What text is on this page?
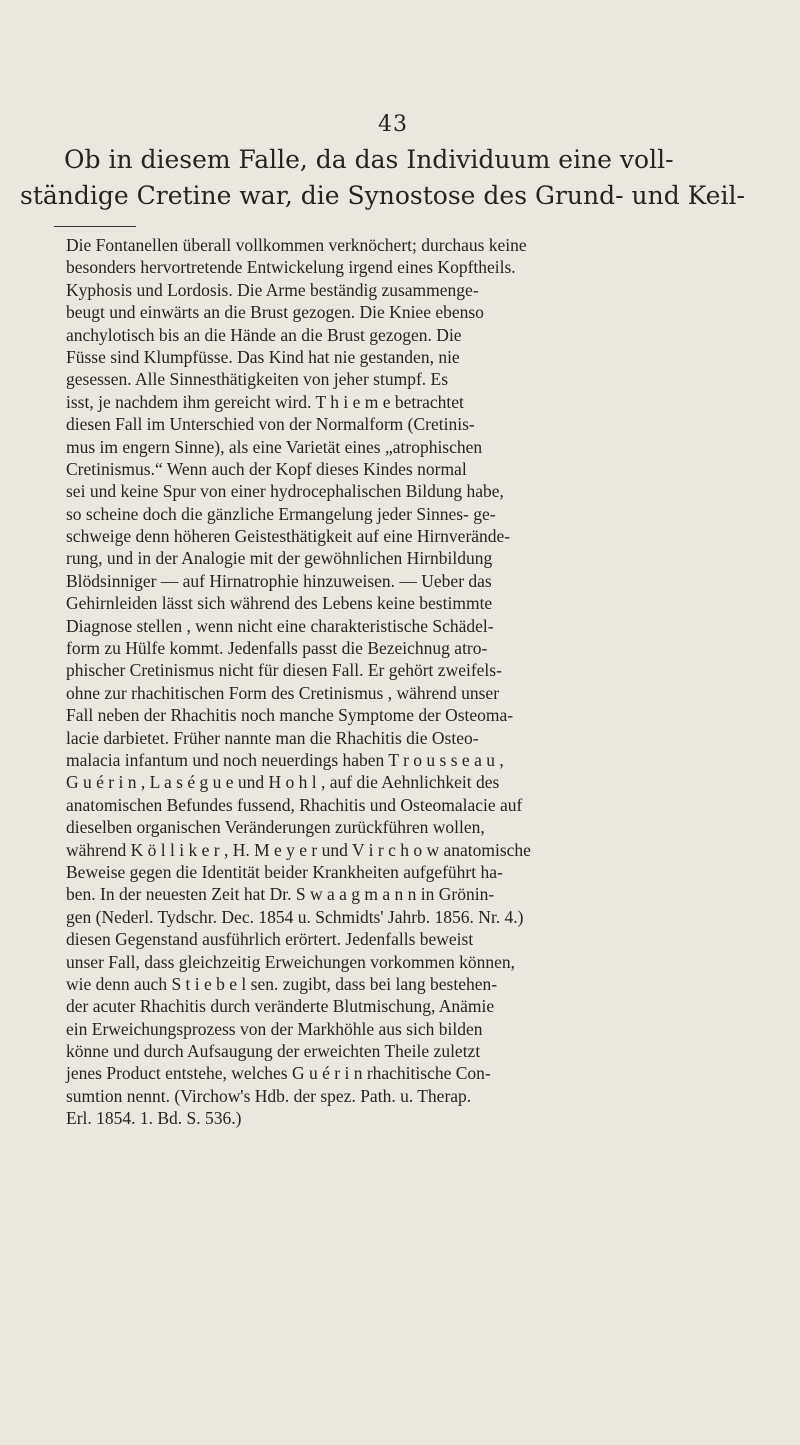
43
Ob in diesem Falle, da das Individuum eine voll-
ständige Cretine war, die Synostose des Grund- und Keil-
Die Fontanellen überall vollkommen verknöchert; durchaus keine
besonders hervortretende Entwickelung irgend eines Kopftheils.
Kyphosis und Lordosis. Die Arme beständig zusammenge-
beugt und einwärts an die Brust gezogen. Die Kniee ebenso
anchylotisch bis an die Hände an die Brust gezogen. Die
Füsse sind Klumpfüsse. Das Kind hat nie gestanden, nie
gesessen. Alle Sinnesthätigkeiten von jeher stumpf. Es
isst, je nachdem ihm gereicht wird. T h i e m e betrachtet
diesen Fall im Unterschied von der Normalform (Cretinis-
mus im engern Sinne), als eine Varietät eines „atrophischen
Cretinismus.“ Wenn auch der Kopf dieses Kindes normal
sei und keine Spur von einer hydrocephalischen Bildung habe,
so scheine doch die gänzliche Ermangelung jeder Sinnes- ge-
schweige denn höheren Geistesthätigkeit auf eine Hirnverände-
rung, und in der Analogie mit der gewöhnlichen Hirnbildung
Blödsinniger — auf Hirnatrophie hinzuweisen. — Ueber das
Gehirnleiden lässt sich während des Lebens keine bestimmte
Diagnose stellen , wenn nicht eine charakteristische Schädel-
form zu Hülfe kommt. Jedenfalls passt die Bezeichnug atro-
phischer Cretinismus nicht für diesen Fall. Er gehört zweifels-
ohne zur rhachitischen Form des Cretinismus , während unser
Fall neben der Rhachitis noch manche Symptome der Osteoma-
lacie darbietet. Früher nannte man die Rhachitis die Osteo-
malacia infantum und noch neuerdings haben T r o u s s e a u ,
G u é r i n , L a s é g u e und H o h l , auf die Aehnlichkeit des
anatomischen Befundes fussend, Rhachitis und Osteomalacie auf
dieselben organischen Veränderungen zurückführen wollen,
während K ö l l i k e r , H. M e y e r und V i r c h o w anatomische
Beweise gegen die Identität beider Krankheiten aufgeführt ha-
ben. In der neuesten Zeit hat Dr. S w a a g m a n n in Grönin-
gen (Nederl. Tydschr. Dec. 1854 u. Schmidts' Jahrb. 1856. Nr. 4.)
diesen Gegenstand ausführlich erörtert. Jedenfalls beweist
unser Fall, dass gleichzeitig Erweichungen vorkommen können,
wie denn auch S t i e b e l sen. zugibt, dass bei lang bestehen-
der acuter Rhachitis durch veränderte Blutmischung, Anämie
ein Erweichungsprozess von der Markhöhle aus sich bilden
könne und durch Aufsaugung der erweichten Theile zuletzt
jenes Product entstehe, welches G u é r i n rhachitische Con-
sumtion nennt. (Virchow's Hdb. der spez. Path. u. Therap.
Erl. 1854. 1. Bd. S. 536.)
